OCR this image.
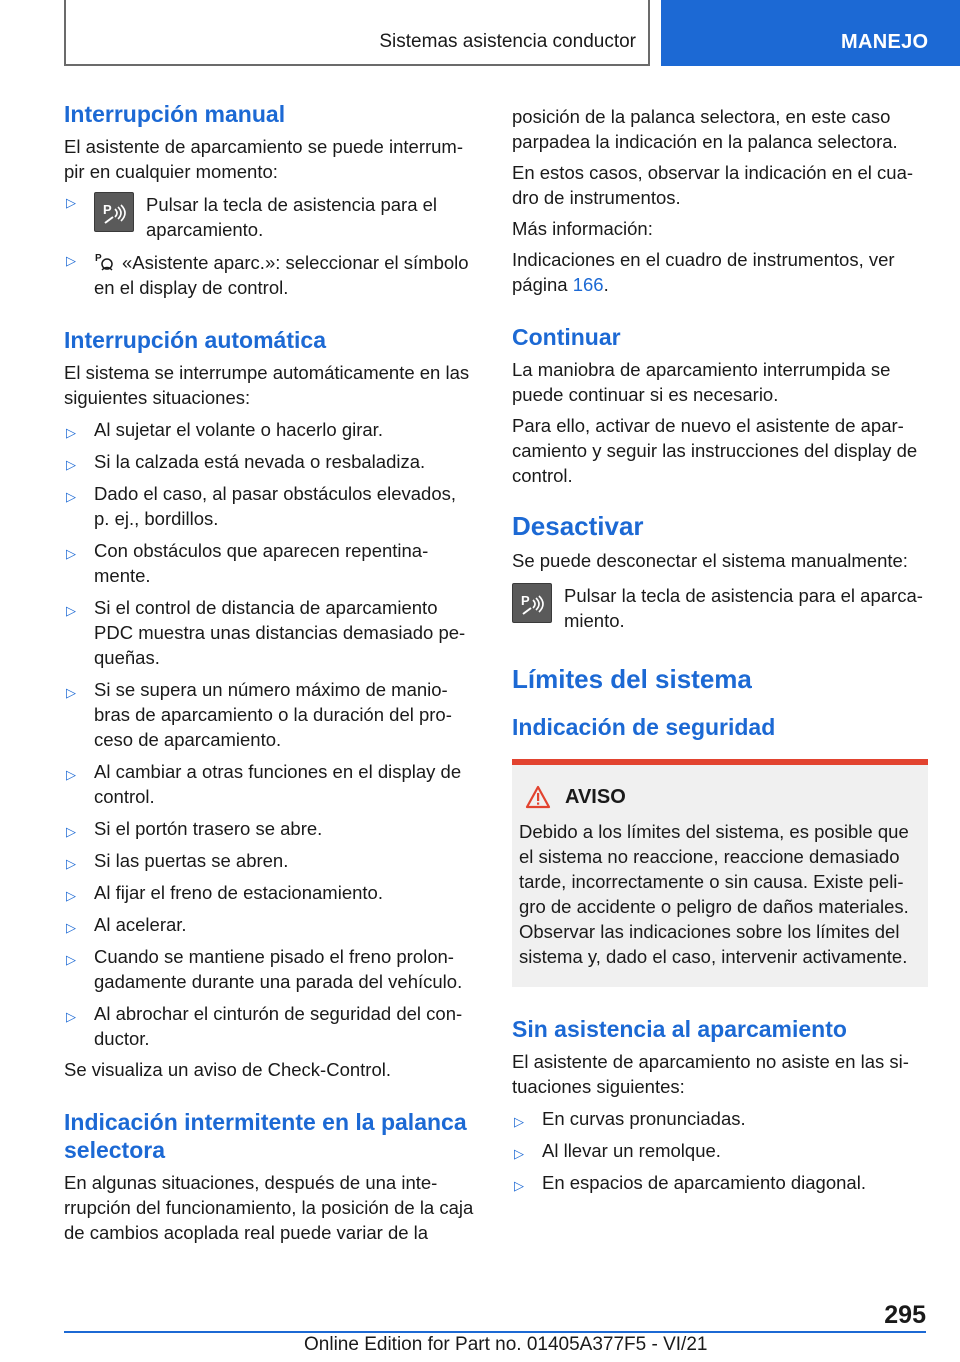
Sistemas asistencia conductor	MANEJO
Interrupción manual

El asistente de aparcamiento se puede interrum-pir en cualquier momento:

▷	P Pulsar la tecla de asistencia para el aparcamiento.
▷	P «Asistente aparc.»: seleccionar el símbolo en el display de control.
Interrupción automática

El sistema se interrumpe automáticamente en las siguientes situaciones:

▷ Al sujetar el volante o hacerlo girar.
▷ Si la calzada está nevada o resbaladiza.
▷ Dado el caso, al pasar obstáculos elevados, p. ej., bordillos.
▷ Con obstáculos que aparecen repentina-mente.
▷ Si el control de distancia de aparcamiento PDC muestra unas distancias demasiado pe-queñas.
▷ Si se supera un número máximo de manio-bras de aparcamiento o la duración del pro-ceso de aparcamiento.
▷ Al cambiar a otras funciones en el display de control.
▷ Si el portón trasero se abre.
▷ Si las puertas se abren.
▷ Al fijar el freno de estacionamiento.
▷ Al acelerar.
▷ Cuando se mantiene pisado el freno prolon-gadamente durante una parada del vehículo.
▷ Al abrochar el cinturón de seguridad del con-ductor.

Se visualiza un aviso de Check-Control.

Indicación intermitente en la palanca selectora

En algunas situaciones, después de una inte-rrupción del funcionamiento, la posición de la caja de cambios acoplada real puede variar de la

posición de la palanca selectora, en este caso parpadea la indicación en la palanca selectora.

En estos casos, observar la indicación en el cua-dro de instrumentos.

Más información:

Indicaciones en el cuadro de instrumentos, ver página 166.

Continuar

La maniobra de aparcamiento interrumpida se puede continuar si es necesario.

Para ello, activar de nuevo el asistente de apar-camiento y seguir las instrucciones del display de control.

Desactivar

Se puede desconectar el sistema manualmente:

P Pulsar la tecla de asistencia para el aparca-miento.
Límites del sistema
Indicación de seguridad
AVISO

Debido a los límites del sistema, es posible que el sistema no reaccione, reaccione demasiado tarde, incorrectamente o sin causa. Existe peli-gro de accidente o peligro de daños materiales. Observar las indicaciones sobre los límites del sistema y, dado el caso, intervenir activamente.

Sin asistencia al aparcamiento

El asistente de aparcamiento no asiste en las si-tuaciones siguientes:

▷ En curvas pronunciadas.
▷ Al llevar un remolque.
▷ En espacios de aparcamiento diagonal.
295
Online Edition for Part no. 01405A377F5 - VI/21
